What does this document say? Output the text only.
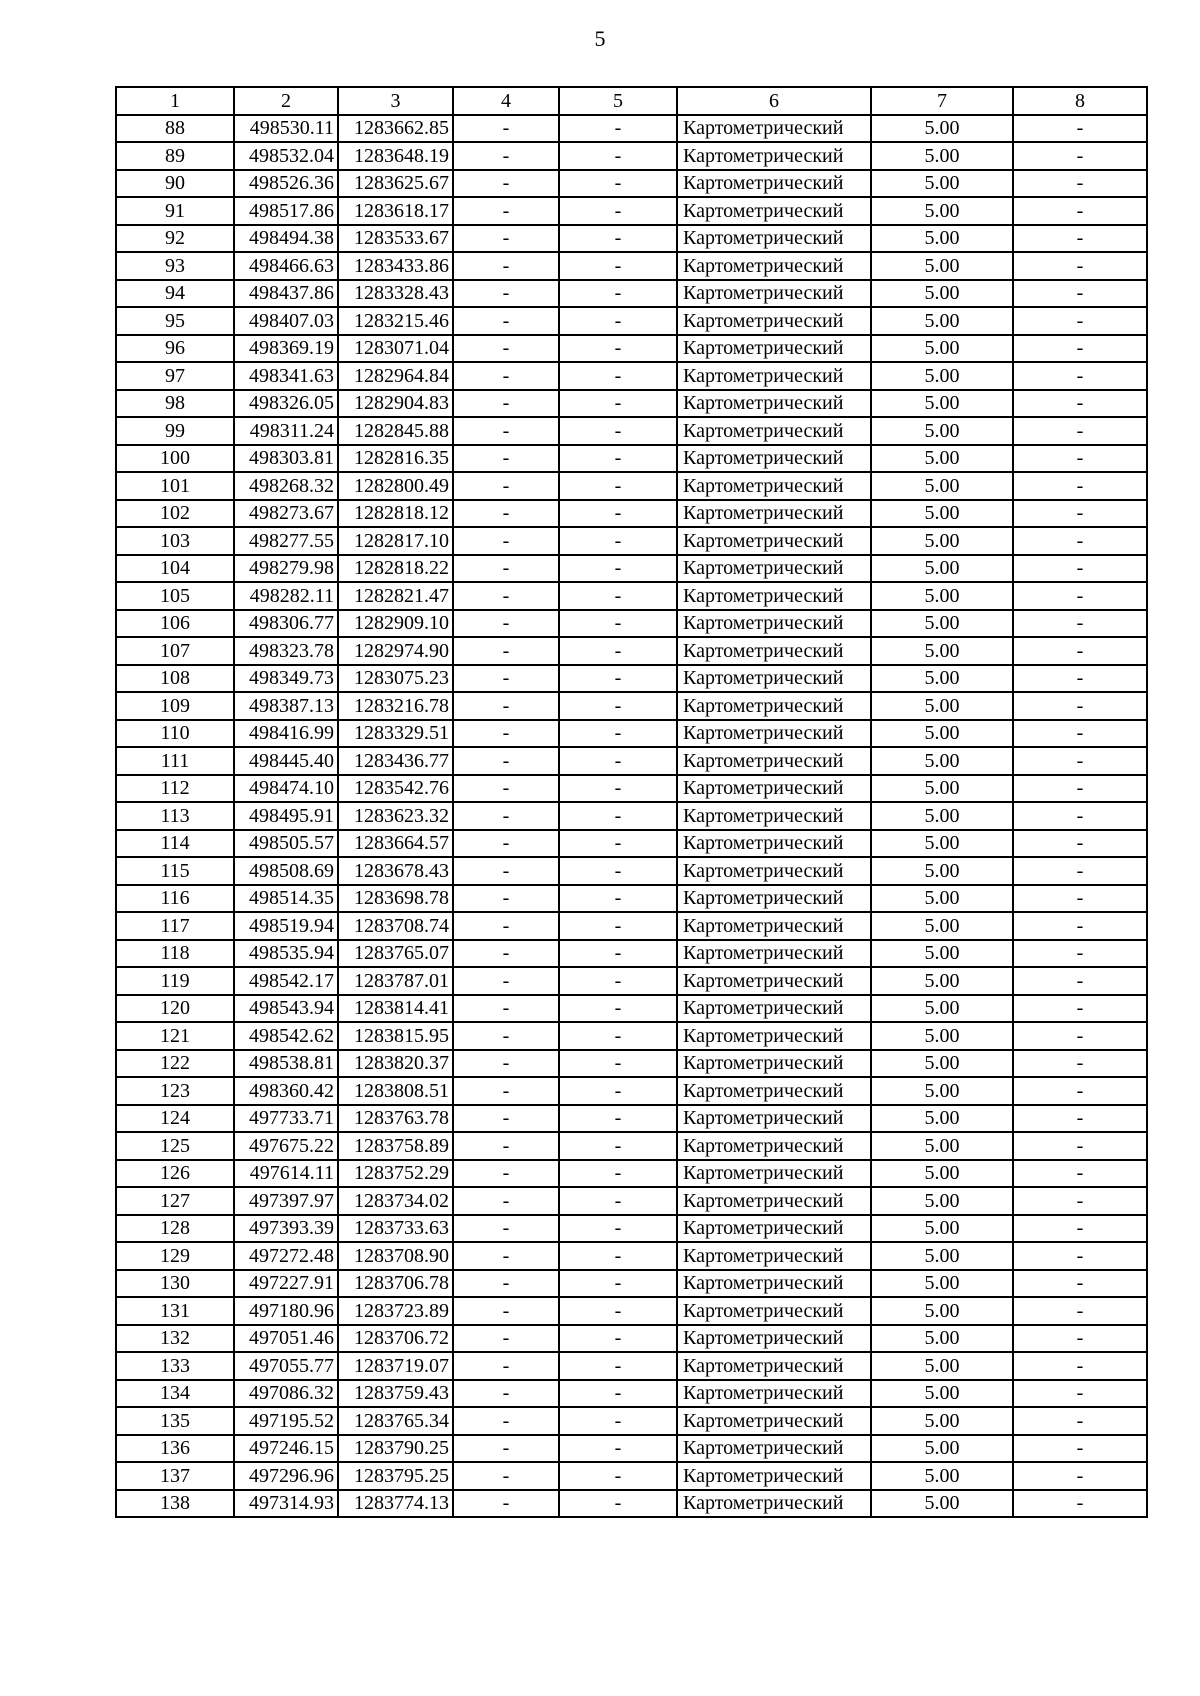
5
1	2	3	4	5	6	7	8
88	498530.11	1283662.85	-	-	Картометрический	5.00	-
89	498532.04	1283648.19	-	-	Картометрический	5.00	-
90	498526.36	1283625.67	-	-	Картометрический	5.00	-
91	498517.86	1283618.17	-	-	Картометрический	5.00	-
92	498494.38	1283533.67	-	-	Картометрический	5.00	-
93	498466.63	1283433.86	-	-	Картометрический	5.00	-
94	498437.86	1283328.43	-	-	Картометрический	5.00	-
95	498407.03	1283215.46	-	-	Картометрический	5.00	-
96	498369.19	1283071.04	-	-	Картометрический	5.00	-
97	498341.63	1282964.84	-	-	Картометрический	5.00	-
98	498326.05	1282904.83	-	-	Картометрический	5.00	-
99	498311.24	1282845.88	-	-	Картометрический	5.00	-
100	498303.81	1282816.35	-	-	Картометрический	5.00	-
101	498268.32	1282800.49	-	-	Картометрический	5.00	-
102	498273.67	1282818.12	-	-	Картометрический	5.00	-
103	498277.55	1282817.10	-	-	Картометрический	5.00	-
104	498279.98	1282818.22	-	-	Картометрический	5.00	-
105	498282.11	1282821.47	-	-	Картометрический	5.00	-
106	498306.77	1282909.10	-	-	Картометрический	5.00	-
107	498323.78	1282974.90	-	-	Картометрический	5.00	-
108	498349.73	1283075.23	-	-	Картометрический	5.00	-
109	498387.13	1283216.78	-	-	Картометрический	5.00	-
110	498416.99	1283329.51	-	-	Картометрический	5.00	-
111	498445.40	1283436.77	-	-	Картометрический	5.00	-
112	498474.10	1283542.76	-	-	Картометрический	5.00	-
113	498495.91	1283623.32	-	-	Картометрический	5.00	-
114	498505.57	1283664.57	-	-	Картометрический	5.00	-
115	498508.69	1283678.43	-	-	Картометрический	5.00	-
116	498514.35	1283698.78	-	-	Картометрический	5.00	-
117	498519.94	1283708.74	-	-	Картометрический	5.00	-
118	498535.94	1283765.07	-	-	Картометрический	5.00	-
119	498542.17	1283787.01	-	-	Картометрический	5.00	-
120	498543.94	1283814.41	-	-	Картометрический	5.00	-
121	498542.62	1283815.95	-	-	Картометрический	5.00	-
122	498538.81	1283820.37	-	-	Картометрический	5.00	-
123	498360.42	1283808.51	-	-	Картометрический	5.00	-
124	497733.71	1283763.78	-	-	Картометрический	5.00	-
125	497675.22	1283758.89	-	-	Картометрический	5.00	-
126	497614.11	1283752.29	-	-	Картометрический	5.00	-
127	497397.97	1283734.02	-	-	Картометрический	5.00	-
128	497393.39	1283733.63	-	-	Картометрический	5.00	-
129	497272.48	1283708.90	-	-	Картометрический	5.00	-
130	497227.91	1283706.78	-	-	Картометрический	5.00	-
131	497180.96	1283723.89	-	-	Картометрический	5.00	-
132	497051.46	1283706.72	-	-	Картометрический	5.00	-
133	497055.77	1283719.07	-	-	Картометрический	5.00	-
134	497086.32	1283759.43	-	-	Картометрический	5.00	-
135	497195.52	1283765.34	-	-	Картометрический	5.00	-
136	497246.15	1283790.25	-	-	Картометрический	5.00	-
137	497296.96	1283795.25	-	-	Картометрический	5.00	-
138	497314.93	1283774.13	-	-	Картометрический	5.00	-
